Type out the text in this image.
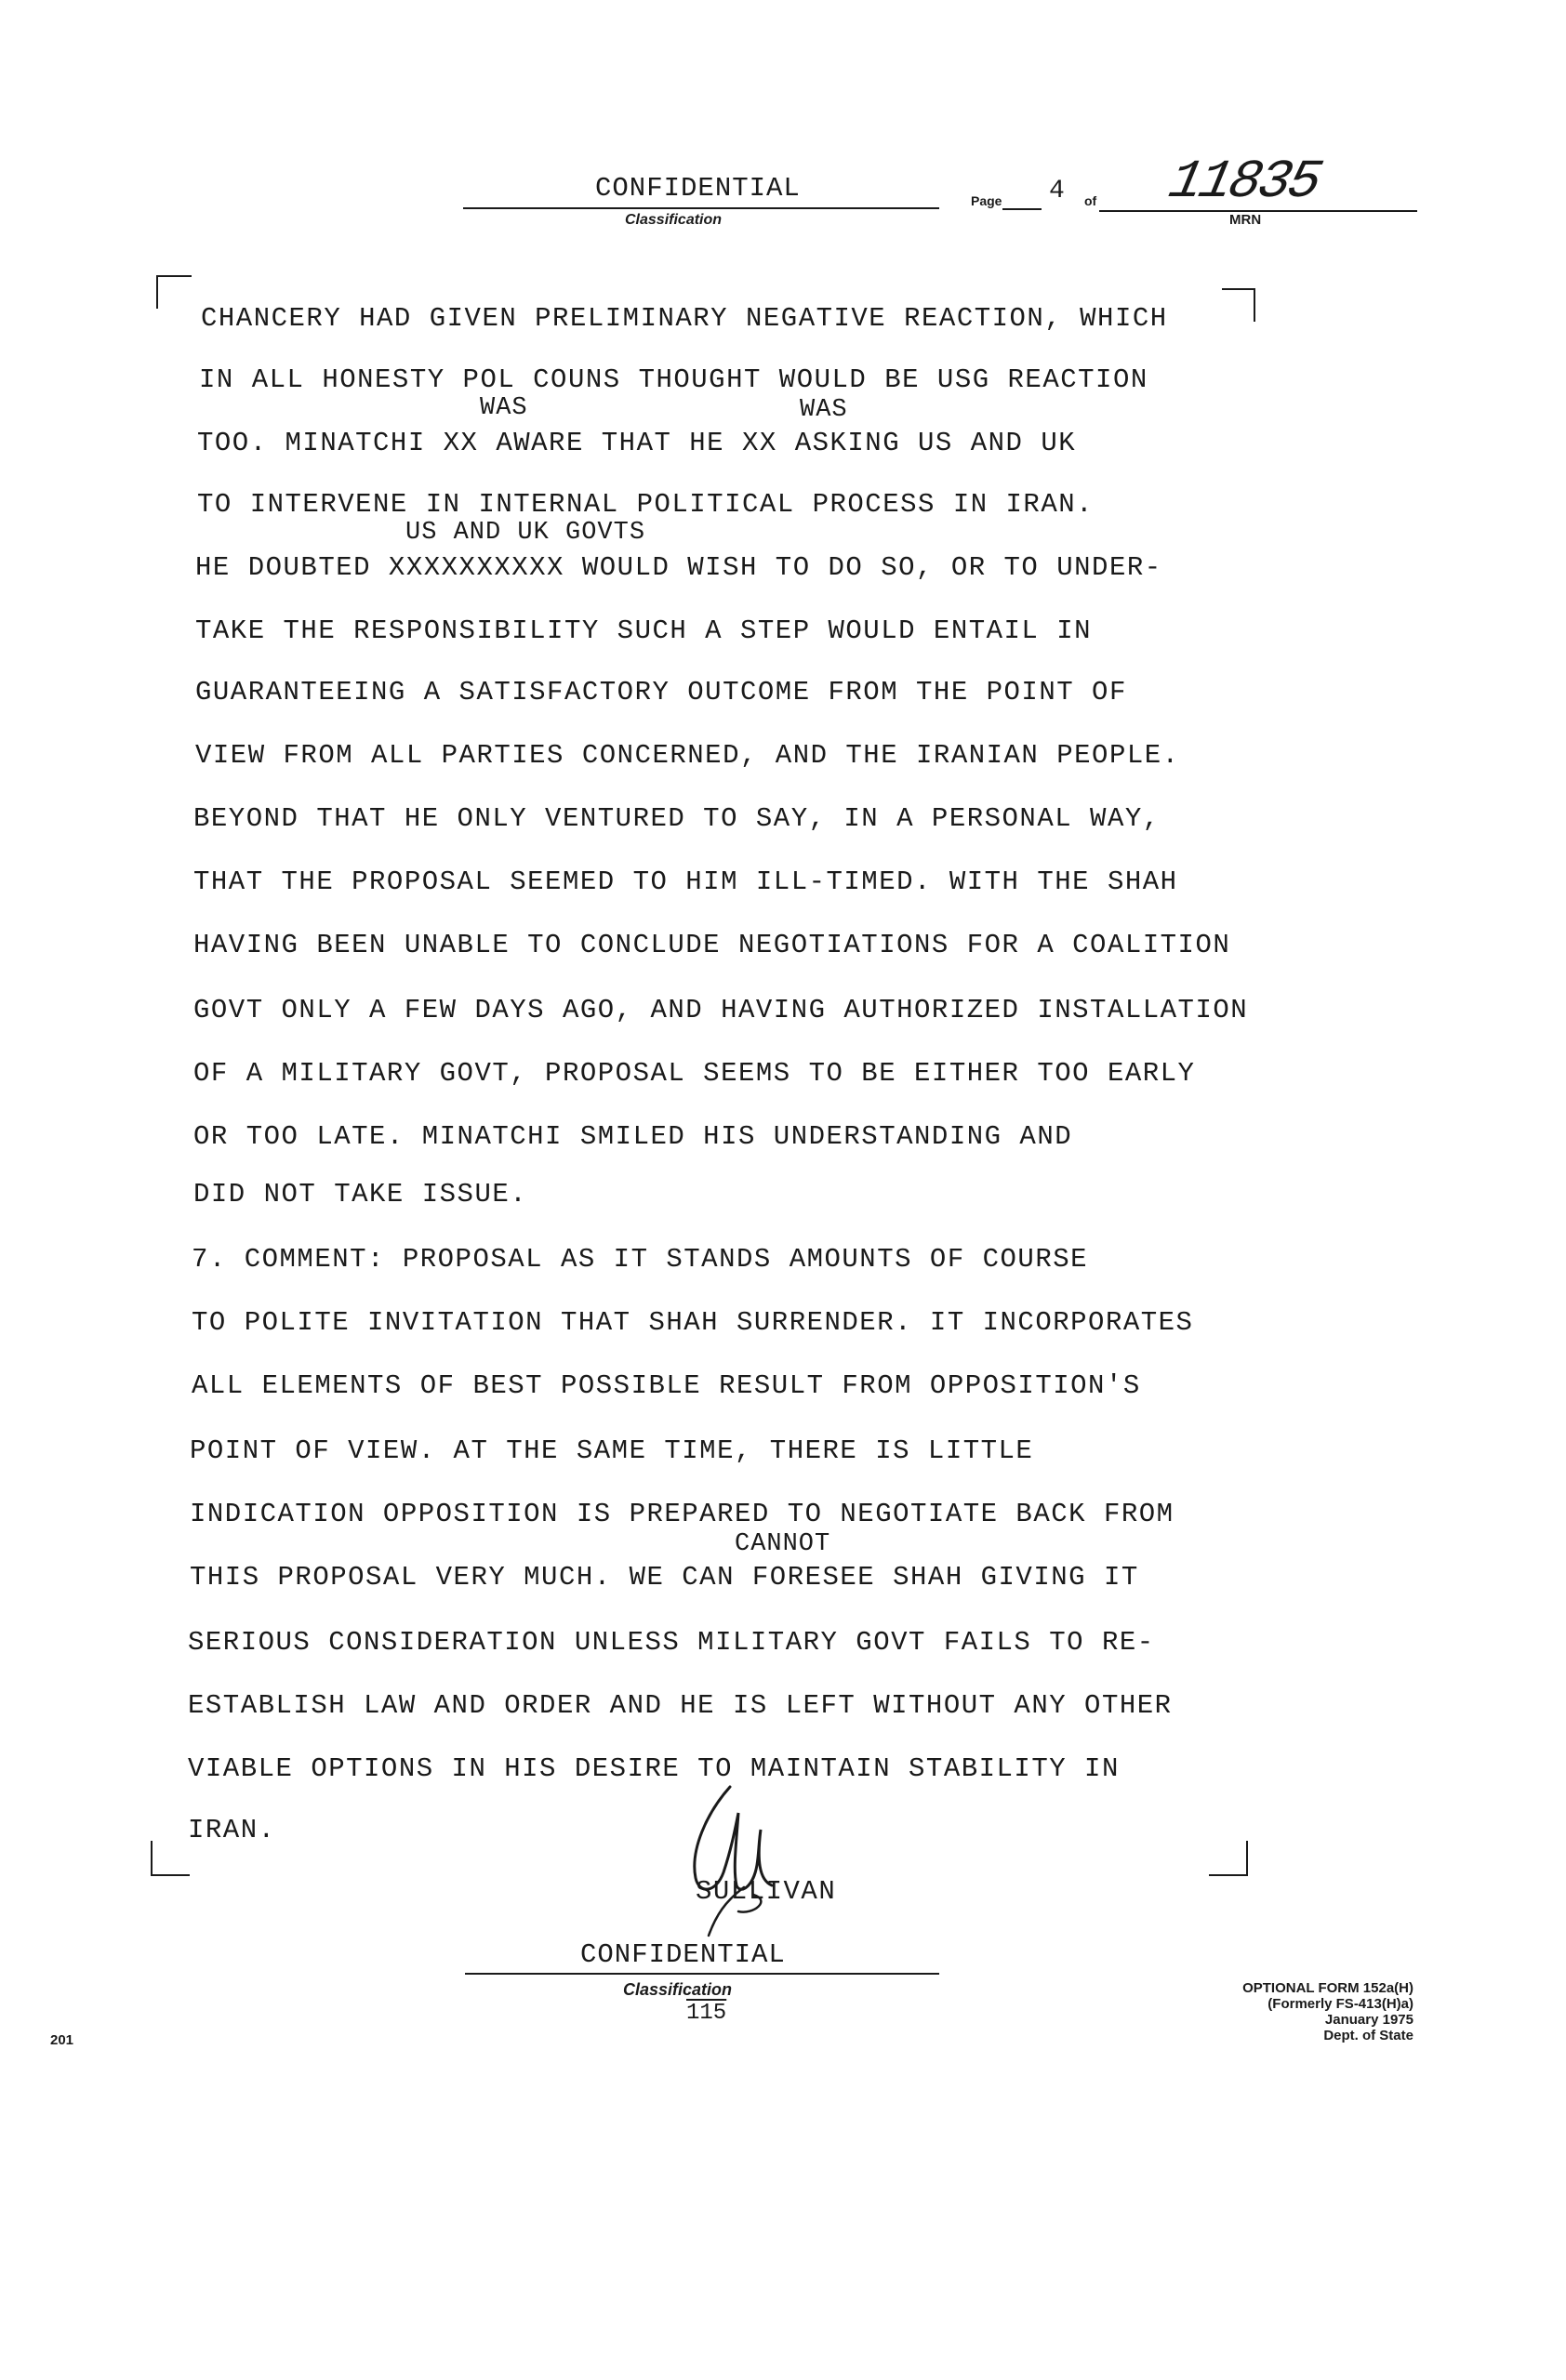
CONFIDENTIAL
Classification
Page 4 of 11835
MRN
CHANCERY HAD GIVEN PRELIMINARY NEGATIVE REACTION, WHICH
IN ALL HONESTY POL COUNS THOUGHT WOULD BE USG REACTION
WAS	WAS
TOO. MINATCHI XX AWARE THAT HE XX ASKING US AND UK
TO INTERVENE IN INTERNAL POLITICAL PROCESS IN IRAN.
US AND UK GOVTS
HE DOUBTED XXXXXXXXXX WOULD WISH TO DO SO, OR TO UNDER-
TAKE THE RESPONSIBILITY SUCH A STEP WOULD ENTAIL IN
GUARANTEEING A SATISFACTORY OUTCOME FROM THE POINT OF
VIEW FROM ALL PARTIES CONCERNED, AND THE IRANIAN PEOPLE.
BEYOND THAT HE ONLY VENTURED TO SAY, IN A PERSONAL WAY,
THAT THE PROPOSAL SEEMED TO HIM ILL-TIMED. WITH THE SHAH
HAVING BEEN UNABLE TO CONCLUDE NEGOTIATIONS FOR A COALITION
GOVT ONLY A FEW DAYS AGO, AND HAVING AUTHORIZED INSTALLATION
OF A MILITARY GOVT, PROPOSAL SEEMS TO BE EITHER TOO EARLY
OR TOO LATE. MINATCHI SMILED HIS UNDERSTANDING AND
DID NOT TAKE ISSUE.
7. COMMENT: PROPOSAL AS IT STANDS AMOUNTS OF COURSE
TO POLITE INVITATION THAT SHAH SURRENDER. IT INCORPORATES
ALL ELEMENTS OF BEST POSSIBLE RESULT FROM OPPOSITION'S
POINT OF VIEW. AT THE SAME TIME, THERE IS LITTLE
INDICATION OPPOSITION IS PREPARED TO NEGOTIATE BACK FROM
CANNOT
THIS PROPOSAL VERY MUCH. WE CAN FORESEE SHAH GIVING IT
SERIOUS CONSIDERATION UNLESS MILITARY GOVT FAILS TO RE-
ESTABLISH LAW AND ORDER AND HE IS LEFT WITHOUT ANY OTHER
VIABLE OPTIONS IN HIS DESIRE TO MAINTAIN STABILITY IN
IRAN.
SULLIVAN
CONFIDENTIAL
Classification
115
201
OPTIONAL FORM 152a(H)
(Formerly FS-413(H)a)
January 1975
Dept. of State
